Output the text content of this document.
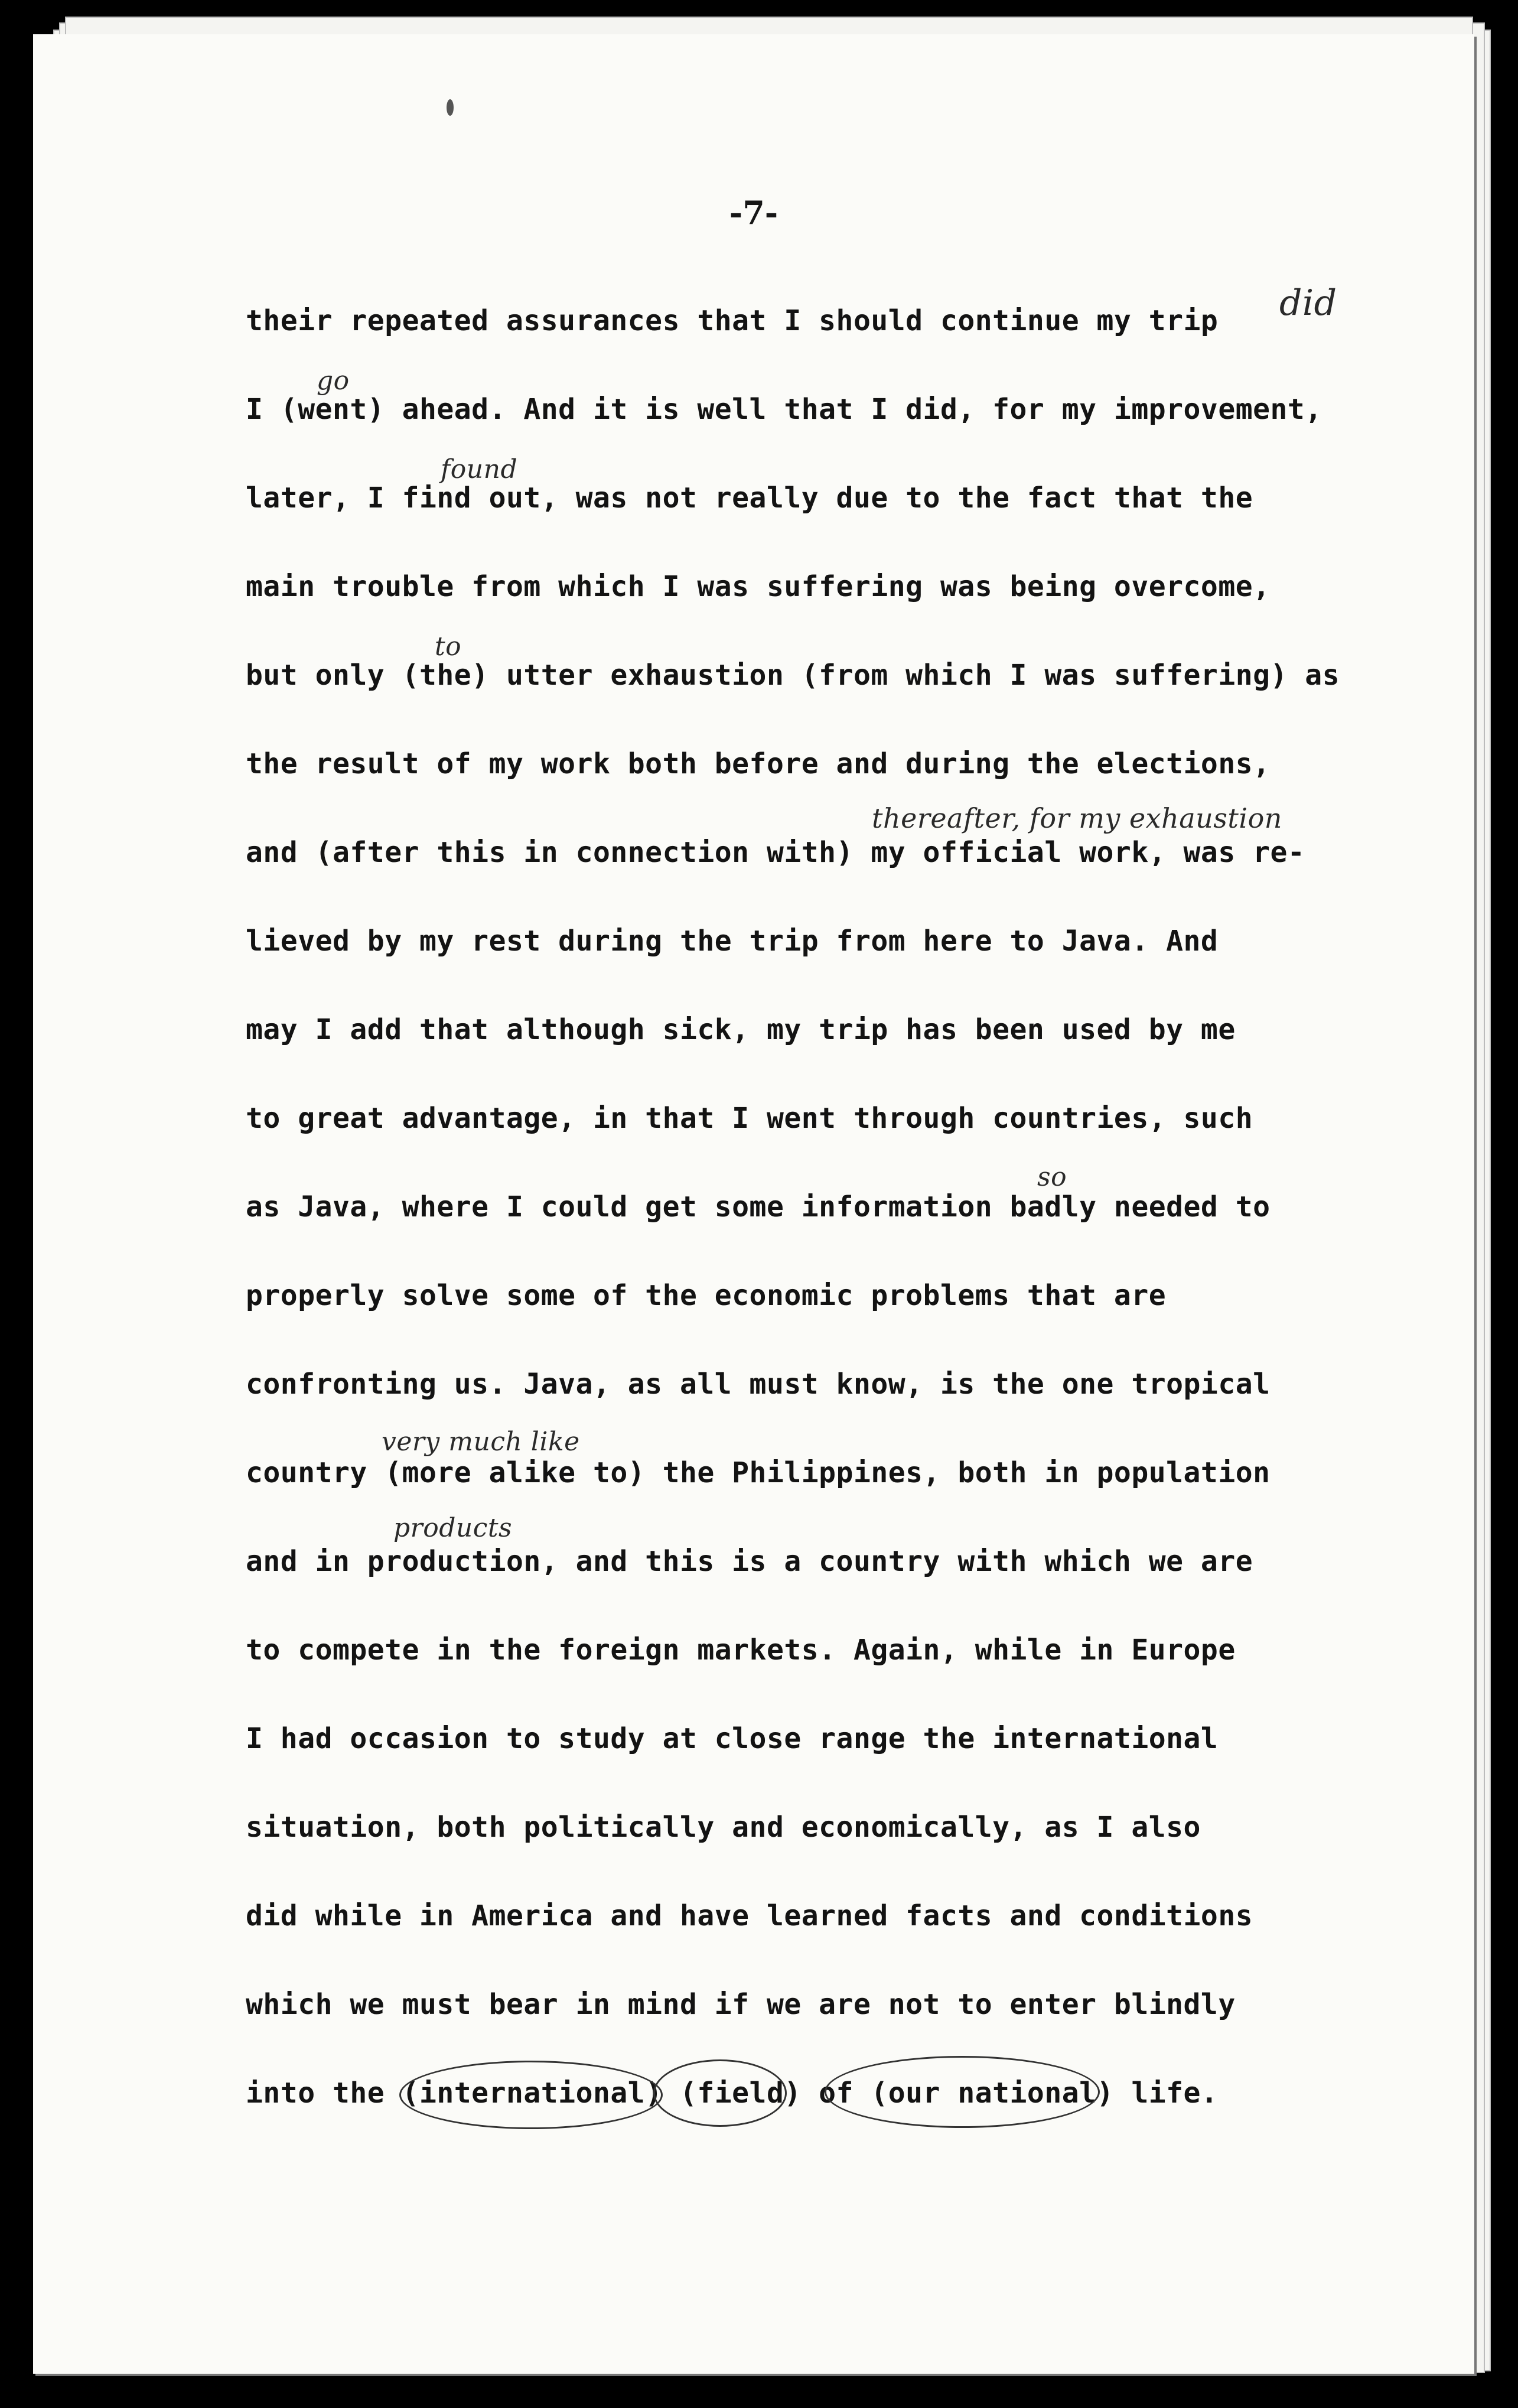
-7-
their repeated assurances that I should continue my trip did
I (went) ahead. And it is well that I did, for my improvement,
go
later, I find out, was not really due to the fact that the
found
main trouble from which I was suffering was being overcome,
but only (the) utter exhaustion (from which I was suffering) as
to
the result of my work both before and during the elections,
and (after this in connection with) my official work, was re-
thereafter, for my exhaustion
lieved by my rest during the trip from here to Java. And
may I add that although sick, my trip has been used by me
to great advantage, in that I went through countries, such
as Java, where I could get some information badly needed to
so
properly solve some of the economic problems that are
confronting us. Java, as all must know, is the one tropical
country (more alike to) the Philippines, both in population
very much like
and in production, and this is a country with which we are
products
to compete in the foreign markets. Again, while in Europe
I had occasion to study at close range the international
situation, both politically and economically, as I also
did while in America and have learned facts and conditions
which we must bear in mind if we are not to enter blindly
into the (international) (field) of (our national) life.
